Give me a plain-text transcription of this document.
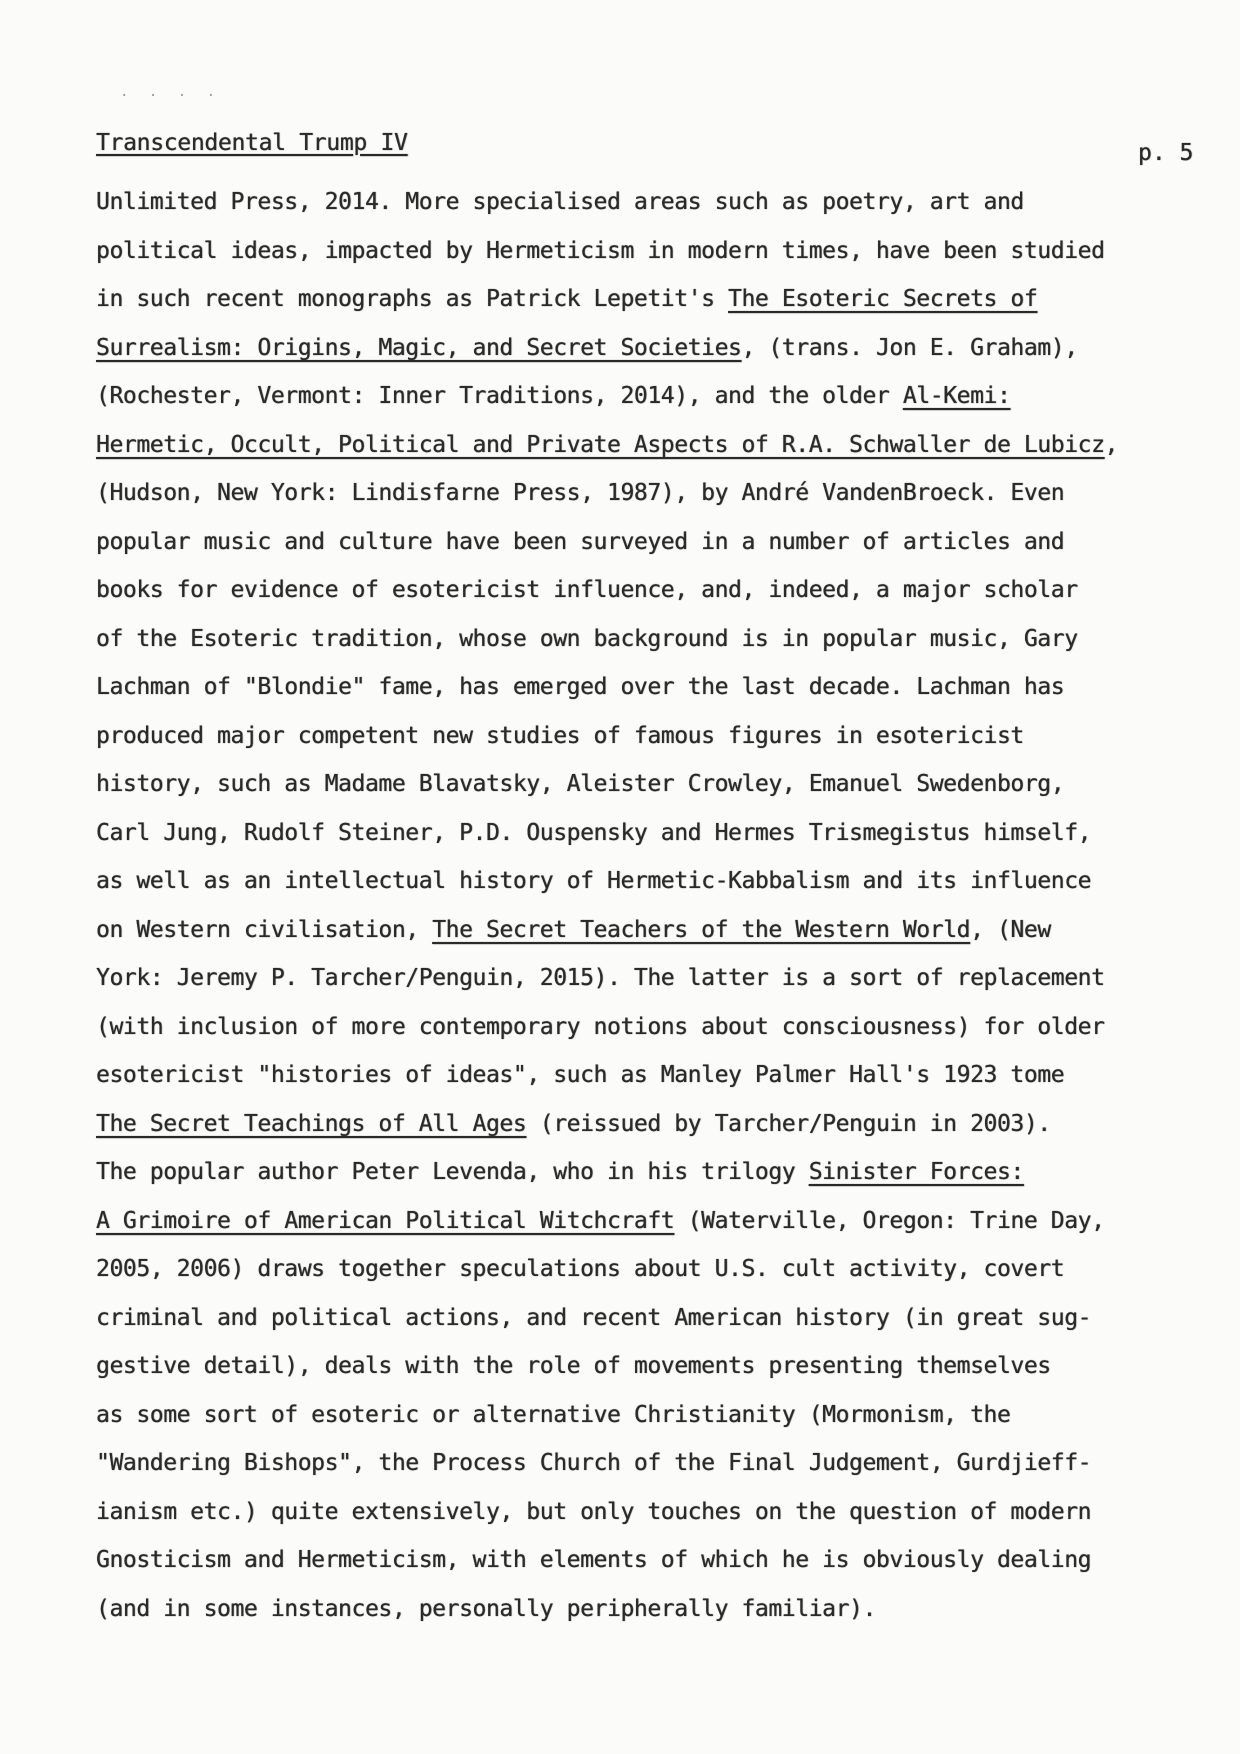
· · · ·
Transcendental Trump IV	p. 5
Unlimited Press, 2014. More specialised areas such as poetry, art and
political ideas, impacted by Hermeticism in modern times, have been studied
in such recent monographs as Patrick Lepetit's The Esoteric Secrets of
Surrealism: Origins, Magic, and Secret Societies, (trans. Jon E. Graham),
(Rochester, Vermont: Inner Traditions, 2014), and the older Al-Kemi:
Hermetic, Occult, Political and Private Aspects of R.A. Schwaller de Lubicz,
(Hudson, New York: Lindisfarne Press, 1987), by André VandenBroeck. Even
popular music and culture have been surveyed in a number of articles and
books for evidence of esotericist influence, and, indeed, a major scholar
of the Esoteric tradition, whose own background is in popular music, Gary
Lachman of "Blondie" fame, has emerged over the last decade. Lachman has
produced major competent new studies of famous figures in esotericist
history, such as Madame Blavatsky, Aleister Crowley, Emanuel Swedenborg,
Carl Jung, Rudolf Steiner, P.D. Ouspensky and Hermes Trismegistus himself,
as well as an intellectual history of Hermetic-Kabbalism and its influence
on Western civilisation, The Secret Teachers of the Western World, (New
York: Jeremy P. Tarcher/Penguin, 2015). The latter is a sort of replacement
(with inclusion of more contemporary notions about consciousness) for older
esotericist "histories of ideas", such as Manley Palmer Hall's 1923 tome
The Secret Teachings of All Ages (reissued by Tarcher/Penguin in 2003).
The popular author Peter Levenda, who in his trilogy Sinister Forces:
A Grimoire of American Political Witchcraft (Waterville, Oregon: Trine Day,
2005, 2006) draws together speculations about U.S. cult activity, covert
criminal and political actions, and recent American history (in great sug-
gestive detail), deals with the role of movements presenting themselves
as some sort of esoteric or alternative Christianity (Mormonism, the
"Wandering Bishops", the Process Church of the Final Judgement, Gurdjieff-
ianism etc.) quite extensively, but only touches on the question of modern
Gnosticism and Hermeticism, with elements of which he is obviously dealing
(and in some instances, personally peripherally familiar).
